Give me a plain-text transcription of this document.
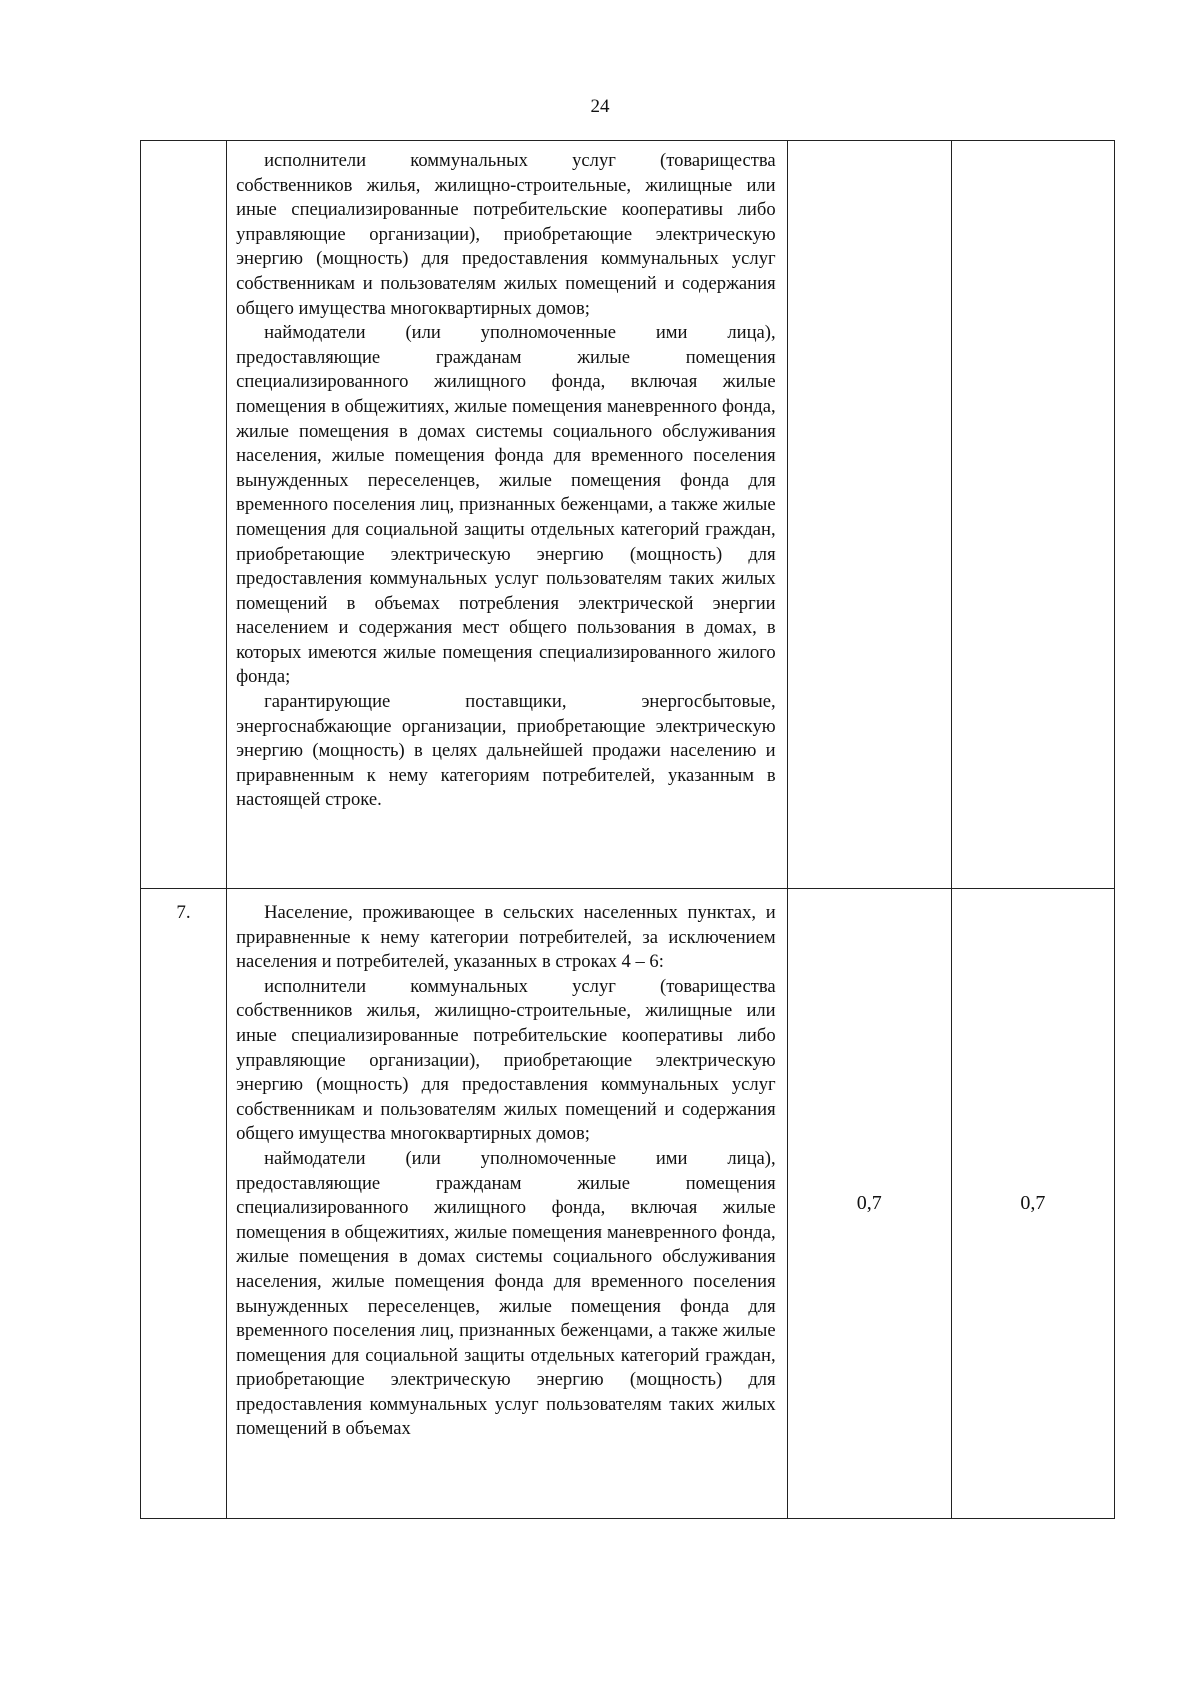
24

	исполнители коммунальных услуг (товарищества собственников жилья, жилищно-строительные, жилищные или иные специализированные потребительские кооперативы либо управляющие организации), приобретающие электрическую энергию (мощность) для предоставления коммунальных услуг собственникам и пользователям жилых помещений и содержания общего имущества многоквартирных домов;

наймодатели (или уполномоченные ими лица), предоставляющие гражданам жилые помещения специализированного жилищного фонда, включая жилые помещения в общежитиях, жилые помещения маневренного фонда, жилые помещения в домах системы социального обслуживания населения, жилые помещения фонда для временного поселения вынужденных переселенцев, жилые помещения фонда для временного поселения лиц, признанных беженцами, а также жилые помещения для социальной защиты отдельных категорий граждан, приобретающие электрическую энергию (мощность) для предоставления коммунальных услуг пользователям таких жилых помещений в объемах потребления электрической энергии населением и содержания мест общего пользования в домах, в которых имеются жилые помещения специализированного жилого фонда;

гарантирующие поставщики, энергосбытовые, энергоснабжающие организации, приобретающие электрическую энергию (мощность) в целях дальнейшей продажи населению и приравненным к нему категориям потребителей, указанным в настоящей строке.		

7.	Население, проживающее в сельских населенных пунктах, и приравненные к нему категории потребителей, за исключением населения и потребителей, указанных в строках 4 – 6:

исполнители коммунальных услуг (товарищества собственников жилья, жилищно-строительные, жилищные или иные специализированные потребительские кооперативы либо управляющие организации), приобретающие электрическую энергию (мощность) для предоставления коммунальных услуг собственникам и пользователям жилых помещений и содержания общего имущества многоквартирных домов;

наймодатели (или уполномоченные ими лица), предоставляющие гражданам жилые помещения специализированного жилищного фонда, включая жилые помещения в общежитиях, жилые помещения маневренного фонда, жилые помещения в домах системы социального обслуживания населения, жилые помещения фонда для временного поселения вынужденных переселенцев, жилые помещения фонда для временного поселения лиц, признанных беженцами, а также жилые помещения для социальной защиты отдельных категорий граждан, приобретающие электрическую энергию (мощность) для предоставления коммунальных услуг пользователям таких жилых помещений в объемах	0,7	0,7
